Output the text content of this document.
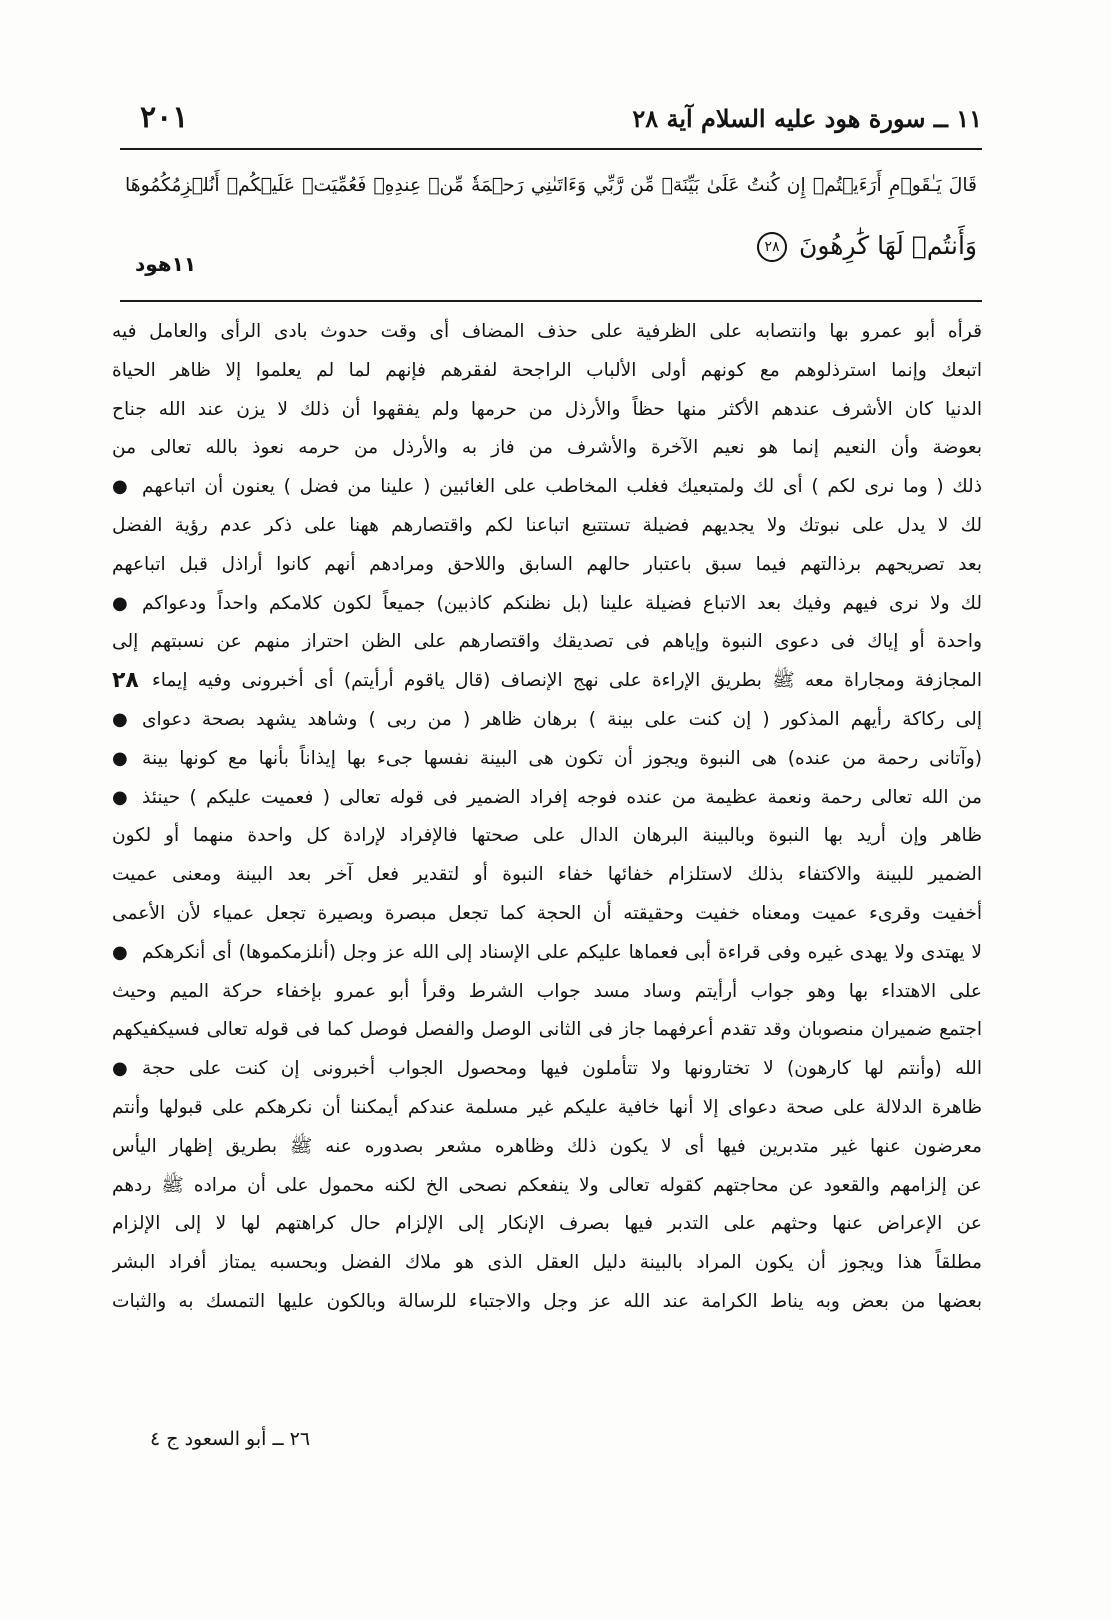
١١ ــ سورة هود عليه السلام آية ٢٨
٢٠١
قَالَ يَـٰقَوۡمِ أَرَءَيۡتُمۡ إِن كُنتُ عَلَىٰ بَيِّنَةٖ مِّن رَّبِّي وَءَاتَىٰنِي رَحۡمَةٗ مِّنۡ عِندِهِۦ فَعُمِّيَتۡ عَلَيۡكُمۡ أَنُلۡزِمُكُمُوهَا
وَأَنتُمۡ لَهَا كَٰرِهُونَ ٢٨
١١هود
قرأه أبو عمرو بها وانتصابه على الظرفية على حذف المضاف أى وقت حدوث بادى الرأى والعامل فيه
اتبعك وإنما استرذلوهم مع كونهم أولى الألباب الراجحة لفقرهم فإنهم لما لم يعلموا إلا ظاهر الحياة
الدنيا كان الأشرف عندهم الأكثر منها حظاً والأرذل من حرمها ولم يفقهوا أن ذلك لا يزن عند الله جناح
بعوضة وأن النعيم إنما هو نعيم الآخرة والأشرف من فاز به والأرذل من حرمه نعوذ بالله تعالى من
● ذلك ( وما نرى لكم ) أى لك ولمتبعيك فغلب المخاطب على الغائبين ( علينا من فضل ) يعنون أن اتباعهم
لك لا يدل على نبوتك ولا يجديهم فضيلة تستتبع اتباعنا لكم واقتصارهم ههنا على ذكر عدم رؤية الفضل
بعد تصريحهم برذالتهم فيما سبق باعتبار حالهم السابق واللاحق ومرادهم أنهم كانوا أراذل قبل اتباعهم
● لك ولا نرى فيهم وفيك بعد الاتباع فضيلة علينا (بل نظنكم كاذبين) جميعاً لكون كلامكم واحداً ودعواكم
واحدة أو إياك فى دعوى النبوة وإياهم فى تصديقك واقتصارهم على الظن احتراز منهم عن نسبتهم إلى
٢٨ المجازفة ومجاراة معه ﷺ بطريق الإراءة على نهج الإنصاف (قال ياقوم أرأيتم) أى أخبرونى وفيه إيماء
● إلى ركاكة رأيهم المذكور ( إن كنت على بينة ) برهان ظاهر ( من ربى ) وشاهد يشهد بصحة دعواى
● (وآتانى رحمة من عنده) هى النبوة ويجوز أن تكون هى البينة نفسها جىء بها إيذاناً بأنها مع كونها بينة
● من الله تعالى رحمة ونعمة عظيمة من عنده فوجه إفراد الضمير فى قوله تعالى ( فعميت عليكم ) حينئذ
ظاهر وإن أريد بها النبوة وبالبينة البرهان الدال على صحتها فالإفراد لإرادة كل واحدة منهما أو لكون
الضمير للبينة والاكتفاء بذلك لاستلزام خفائها خفاء النبوة أو لتقدير فعل آخر بعد البينة ومعنى عميت
أخفيت وقرىء عميت ومعناه خفيت وحقيقته أن الحجة كما تجعل مبصرة وبصيرة تجعل عمياء لأن الأعمى
● لا يهتدى ولا يهدى غيره وفى قراءة أبى فعماها عليكم على الإسناد إلى الله عز وجل (أنلزمكموها) أى أنكرهكم
على الاهتداء بها وهو جواب أرأيتم وساد مسد جواب الشرط وقرأ أبو عمرو بإخفاء حركة الميم وحيث
اجتمع ضميران منصوبان وقد تقدم أعرفهما جاز فى الثانى الوصل والفصل فوصل كما فى قوله تعالى فسيكفيكهم
● الله (وأنتم لها كارهون) لا تختارونها ولا تتأملون فيها ومحصول الجواب أخبرونى إن كنت على حجة
ظاهرة الدلالة على صحة دعواى إلا أنها خافية عليكم غير مسلمة عندكم أيمكننا أن نكرهكم على قبولها وأنتم
معرضون عنها غير متدبرين فيها أى لا يكون ذلك وظاهره مشعر بصدوره عنه ﷺ بطريق إظهار اليأس
عن إلزامهم والقعود عن محاجتهم كقوله تعالى ولا ينفعكم نصحى الخ لكنه محمول على أن مراده ﷺ ردهم
عن الإعراض عنها وحثهم على التدبر فيها بصرف الإنكار إلى الإلزام حال كراهتهم لها لا إلى الإلزام
مطلقاً هذا ويجوز أن يكون المراد بالبينة دليل العقل الذى هو ملاك الفضل وبحسبه يمتاز أفراد البشر
بعضها من بعض وبه يناط الكرامة عند الله عز وجل والاجتباء للرسالة وبالكون عليها التمسك به والثبات
٢٦ ــ أبو السعود ج ٤
